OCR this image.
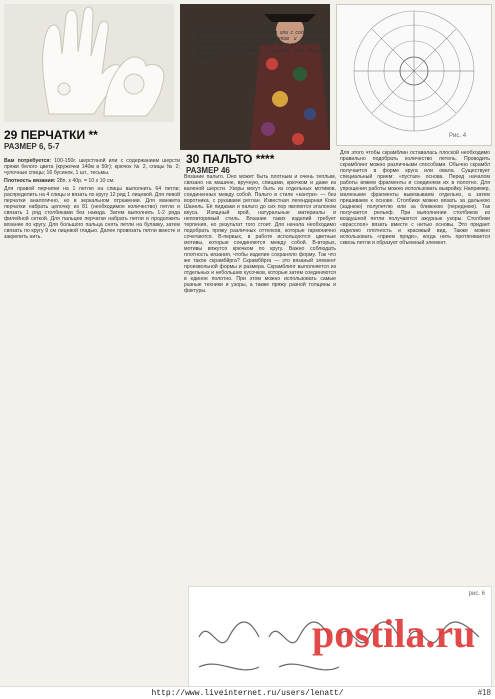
Рис. 4
Вам потребуется: шерстяная или с содержанием шерсти пряжи различных цветов и оттенков; сочетающаяся между собой, крючок № 2-2,5, декоративные пуговицы и крючки для верхней одежды
29 ПЕРЧАТКИ **
РАЗМЕР 6, 5-7
30 ПАЛЬТО ****
РАЗМЕР 46

Вам потребуется: 100-150г. шерстяной или с содержанием шерсти пряжи белого цвета (кружочки 140м в 50г); крючок № 2, спицы № 2; чулочные спицы; 16 бусинок, 1 шт., тесьмы.

Плотность вязания: 28п. х 40р. = 10 х 10 см.

Для правой перчатки на 1 петлю на спицы выполнить 64 петли; распределить на 4 спицы и вязать по кругу 12 ряд 1 лицевой. Для левой перчатки аналогично, но в зеркальном отражении. Для манжета перчатки набрать цепочку из 81 (необходимое количество) петли и связать 1 ряд столбиками без накида. Затем выполнить 1-2 ряда филейной сеткой. Для пальцев перчатки набрать петли и продолжить вязание по кругу. Для большого пальца снять петли на булавку, затем связать по кругу 9 см лицевой гладью. Далее провязать петли вместе и закрепить нить.

Вязание пальто. Оно может быть плотным и очень теплым, связано на машине, вручную, спицами, крючком и даже из валеной шерсти. Узоры могут быть из отдельных мотивов, соединенных между собой. Пальто в стиле «кантри» — без воротника, с рукавами реглан. Известная легендарная Коко Шанель. Её пиджаки и пальто до сих пор являются эталоном вкуса. Изящный крой, натуральные материалы и неповторимый стиль. Вязание таких изделий требует терпения, но результат того стоит. Для начала необходимо подобрать пряжу различных оттенков, которые гармонично сочетаются. В-первых, в работе используются цветные мотивы, которые соединяются между собой. В-вторых, мотивы вяжутся крючком по кругу. Важно соблюдать плотность вязания, чтобы изделие сохраняло форму. Так что же такое скрамбйрга? Скрамбйрга — это вязаный элемент произвольной формы и размера. Скрамблинг выполняется из отдельных и небольших кусочков, которые затем соединяются в единое полотно. При этом можно использовать самые разные техники и узоры, а также пряжу разной толщины и фактуры.
Для этого чтобы скрамблин оставалась плоской необходимо правильно подобрать количество петель. Проводить скрамблинг можно различными способами. Обычно скрамбл получается в форме круга или овала. Существует специальный прием: «пустая» основа. Перед началом работы вяжем фрагменты и соединяем их в полотно. Для упрощения работы можно использовать выкройку. Например, маленькие фрагменты вывязываем отдельно, а затем пришиваем к основе. Столбики можно вязать за дальнюю (заднюю) полупетлю или за ближнюю (переднюю). Так получается рельеф. При выполнении столбиков из воздушной петли получаются ажурные узоры. Столбики «врасслоя» вязать вместе с нитью основы. Это придает изделию плотность и красивый вид. Также можно использовать «прием пряди», когда нить протягивается сквозь петли и образует объемный элемент.
рис. 6
postila.ru
http://www.liveinternet.ru/users/lenatt/	#18
